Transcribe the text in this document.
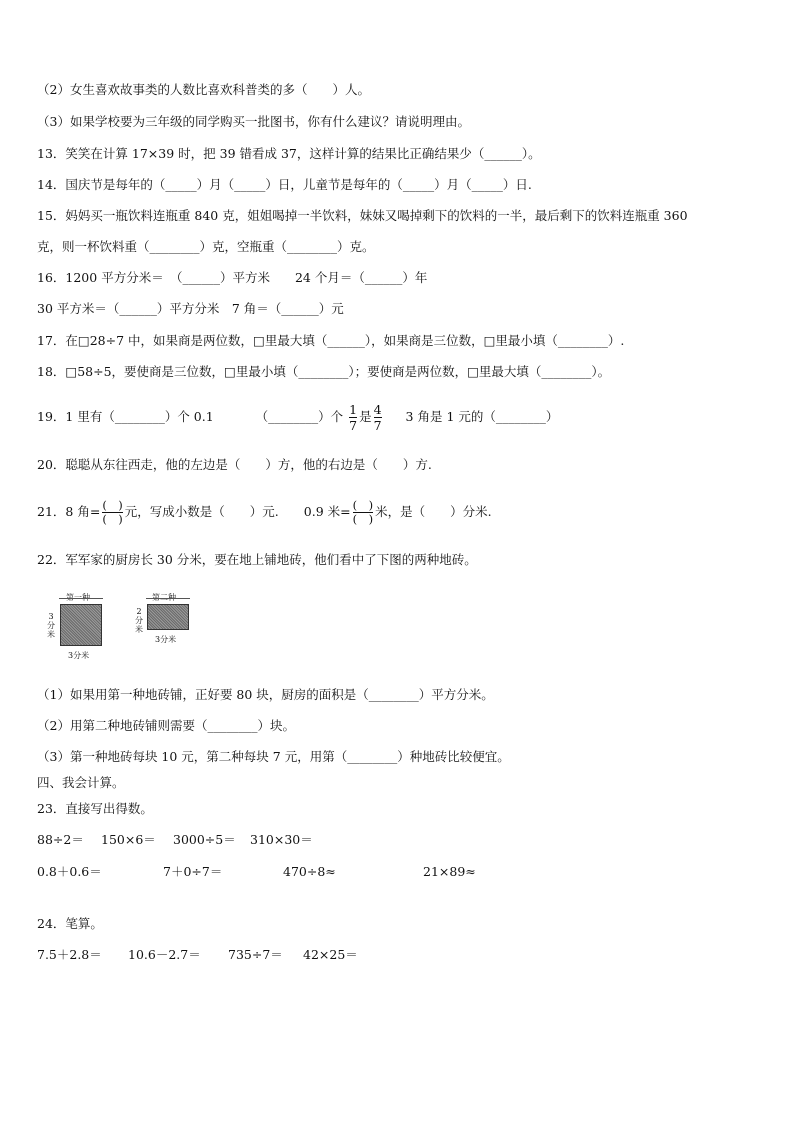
（2）女生喜欢故事类的人数比喜欢科普类的多（　　）人。
（3）如果学校要为三年级的同学购买一批图书，你有什么建议？请说明理由。
13．笑笑在计算 17×39 时，把 39 错看成 37，这样计算的结果比正确结果少（______）。
14．国庆节是每年的（_____）月（_____）日，儿童节是每年的（_____）月（_____）日.
15．妈妈买一瓶饮料连瓶重 840 克，姐姐喝掉一半饮料，妹妹又喝掉剩下的饮料的一半，最后剩下的饮料连瓶重 360
克，则一杯饮料重（________）克，空瓶重（________）克。
16．1200 平方分米＝　（______）平方米　　24 个月＝（______）年
30 平方米＝（______）平方分米　7 角＝（______）元
17．在□28÷7 中，如果商是两位数，□里最大填（______），如果商是三位数，□里最小填（________）.
18．□58÷5，要使商是三位数，□里最小填（________）；要使商是两位数，□里最大填（________）。
19．1 里有（________）个 0.1	（________）个 $\frac{1}{7}$ 是 $\frac{4}{7} 3$ 角是 1 元的（________）
20．聪聪从东往西走，他的左边是（　　）方，他的右边是（　　）方.
21．8 角= $\frac{( )}{( )}$ 元，写成小数是（　　）元.　　0.9 米= $\frac{( )}{( )}$ 米，是（　　）分米.
22．军军家的厨房长 30 分米，要在地上铺地砖，他们看中了下图的两种地砖。
第一种
3分米
3分米
第二种
2分米
3分米
（1）如果用第一种地砖铺，正好要 80 块，厨房的面积是（________）平方分米。
（2）用第二种地砖铺则需要（________）块。
（3）第一种地砖每块 10 元，第二种每块 7 元，用第（________）种地砖比较便宜。
四、我会计算。
23．直接写出得数。
88÷2＝ 150×6＝ 3000÷5＝ 310×30＝
0.8＋0.6＝	7＋0÷7＝	470÷8≈	21×89≈
24．笔算。
7.5＋2.8＝ 10.6－2.7＝ 735÷7＝ 42×25＝
